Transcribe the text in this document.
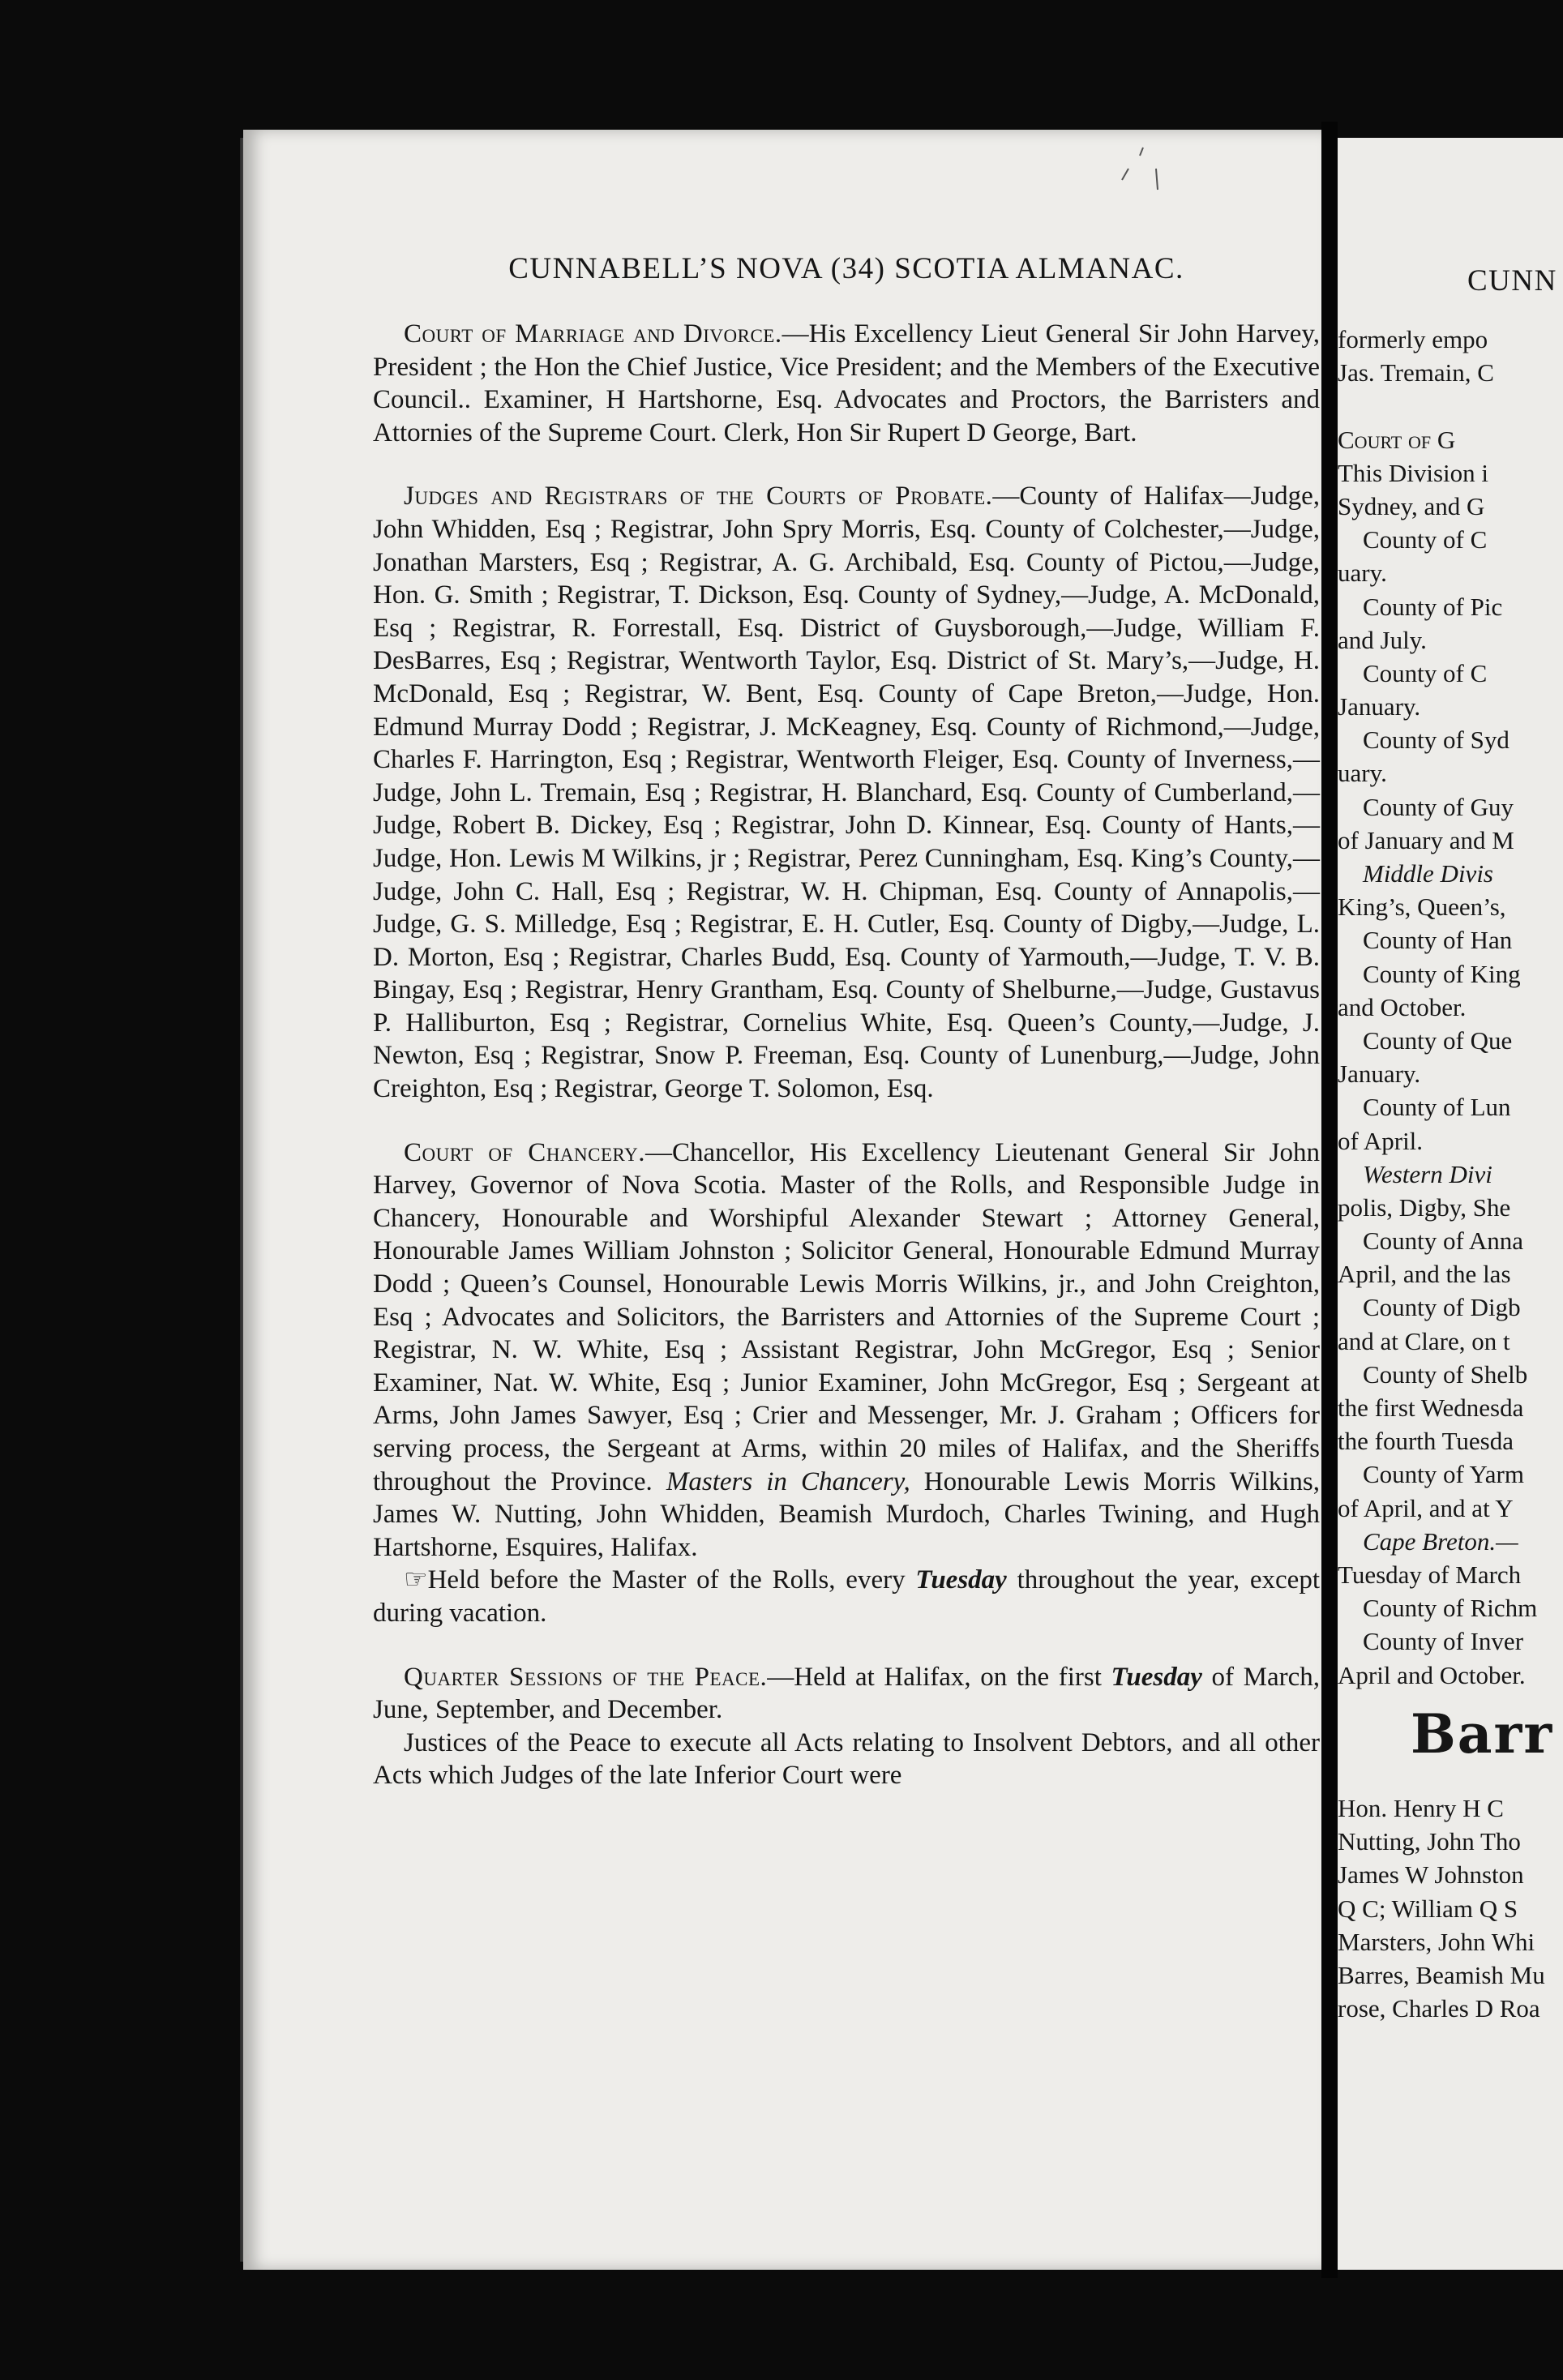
CUNNABELL’S NOVA (34) SCOTIA ALMANAC.

Court of Marriage and Divorce.—His Excellency Lieut General Sir John Harvey, President ; the Hon the Chief Justice, Vice President; and the Members of the Executive Council.. Examiner, H Hartshorne, Esq. Advocates and Proctors, the Barristers and Attornies of the Supreme Court. Clerk, Hon Sir Rupert D George, Bart.

Judges and Registrars of the Courts of Probate.—County of Halifax—Judge, John Whidden, Esq ; Registrar, John Spry Morris, Esq. County of Colchester,—Judge, Jonathan Marsters, Esq ; Registrar, A. G. Archibald, Esq. County of Pictou,—Judge, Hon. G. Smith ; Registrar, T. Dickson, Esq. County of Sydney,—Judge, A. McDonald, Esq ; Registrar, R. Forrestall, Esq. District of Guysborough,—Judge, William F. DesBarres, Esq ; Registrar, Wentworth Taylor, Esq. District of St. Mary’s,—Judge, H. McDonald, Esq ; Registrar, W. Bent, Esq. County of Cape Breton,—Judge, Hon. Edmund Murray Dodd ; Registrar, J. McKeagney, Esq. County of Richmond,—Judge, Charles F. Harrington, Esq ; Registrar, Wentworth Fleiger, Esq. County of Inverness,—Judge, John L. Tremain, Esq ; Registrar, H. Blanchard, Esq. County of Cumberland,—Judge, Robert B. Dickey, Esq ; Registrar, John D. Kinnear, Esq. County of Hants,—Judge, Hon. Lewis M Wilkins, jr ; Registrar, Perez Cunningham, Esq. King’s County,—Judge, John C. Hall, Esq ; Registrar, W. H. Chipman, Esq. County of Annapolis,—Judge, G. S. Milledge, Esq ; Registrar, E. H. Cutler, Esq. County of Digby,—Judge, L. D. Morton, Esq ; Registrar, Charles Budd, Esq. County of Yarmouth,—Judge, T. V. B. Bingay, Esq ; Registrar, Henry Grantham, Esq. County of Shelburne,—Judge, Gustavus P. Halliburton, Esq ; Registrar, Cornelius White, Esq. Queen’s County,—Judge, J. Newton, Esq ; Registrar, Snow P. Freeman, Esq. County of Lunenburg,—Judge, John Creighton, Esq ; Registrar, George T. Solomon, Esq.

Court of Chancery.—Chancellor, His Excellency Lieutenant General Sir John Harvey, Governor of Nova Scotia. Master of the Rolls, and Responsible Judge in Chancery, Honourable and Worshipful Alexander Stewart ; Attorney General, Honourable James William Johnston ; Solicitor General, Honourable Edmund Murray Dodd ; Queen’s Counsel, Honourable Lewis Morris Wilkins, jr., and John Creighton, Esq ; Advocates and Solicitors, the Barristers and Attornies of the Supreme Court ; Registrar, N. W. White, Esq ; Assistant Registrar, John McGregor, Esq ; Senior Examiner, Nat. W. White, Esq ; Junior Examiner, John McGregor, Esq ; Sergeant at Arms, John James Sawyer, Esq ; Crier and Messenger, Mr. J. Graham ; Officers for serving process, the Sergeant at Arms, within 20 miles of Halifax, and the Sheriffs throughout the Province. Masters in Chancery, Honourable Lewis Morris Wilkins, James W. Nutting, John Whidden, Beamish Murdoch, Charles Twining, and Hugh Hartshorne, Esquires, Halifax.

☞Held before the Master of the Rolls, every Tuesday throughout the year, except during vacation.

Quarter Sessions of the Peace.—Held at Halifax, on the first Tuesday of March, June, September, and December.

Justices of the Peace to execute all Acts relating to Insolvent Debtors, and all other Acts which Judges of the late Inferior Court were

CUNN
formerly empo
Jas. Tremain, C
Court of G
This Division i
Sydney, and G
County of C
uary.
County of Pic
and July.
County of C
January.
County of Syd
uary.
County of Guy
of January and M
Middle Divis
King’s, Queen’s,
County of Han
County of King
and October.
County of Que
January.
County of Lun
of April.
Western Divi
polis, Digby, She
County of Anna
April, and the las
County of Digb
and at Clare, on t
County of Shelb
the first Wednesda
the fourth Tuesda
County of Yarm
of April, and at Y
Cape Breton.—
Tuesday of March
County of Richm
County of Inver
April and October.
Barr
Hon. Henry H C
Nutting, John Tho
James W Johnston
Q C; William Q S
Marsters, John Whi
Barres, Beamish Mu
rose, Charles D Roa
